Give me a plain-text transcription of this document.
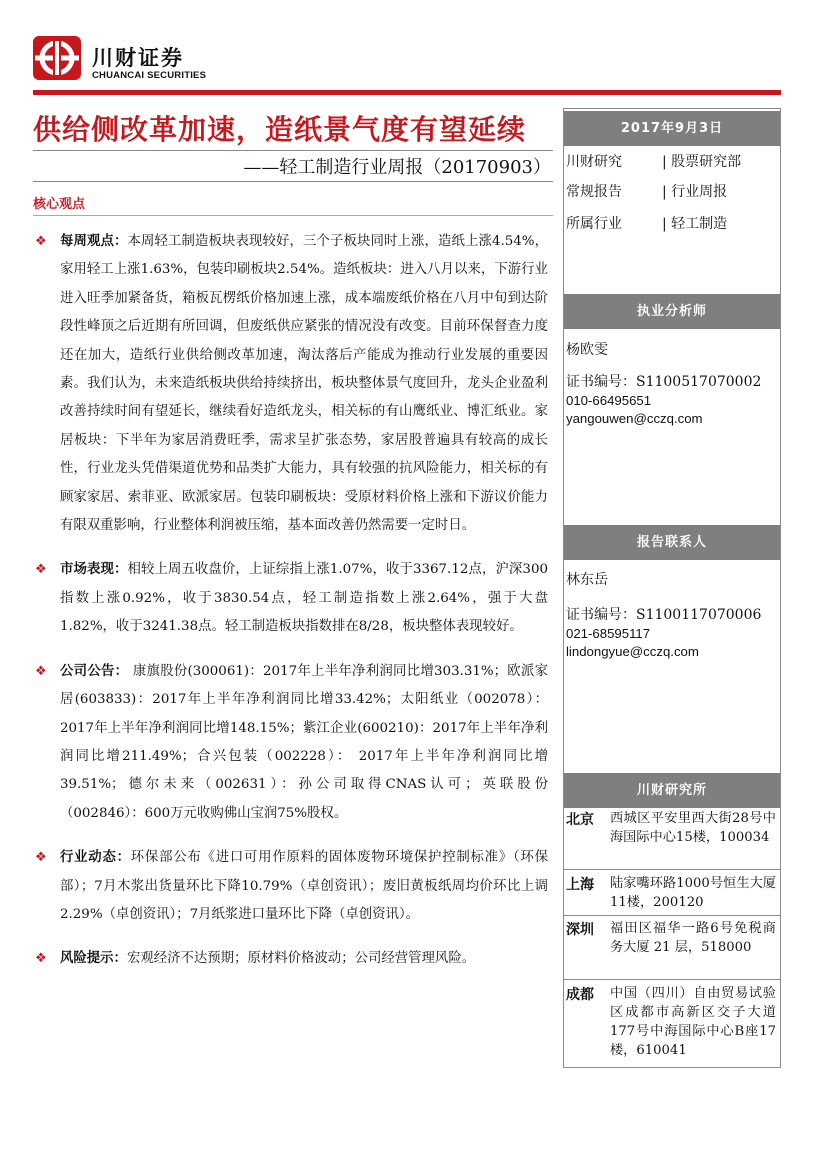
川财证券
CHUANCAI SECURITIES
供给侧改革加速，造纸景气度有望延续
——轻工制造行业周报（20170903）
核心观点
❖ 每周观点：本周轻工制造板块表现较好，三个子板块同时上涨，造纸上涨4.54%，家用轻工上涨1.63%，包装印刷板块2.54%。造纸板块：进入八月以来，下游行业进入旺季加紧备货，箱板瓦楞纸价格加速上涨，成本端废纸价格在八月中旬到达阶段性峰顶之后近期有所回调，但废纸供应紧张的情况没有改变。目前环保督查力度还在加大，造纸行业供给侧改革加速，淘汰落后产能成为推动行业发展的重要因素。我们认为，未来造纸板块供给持续挤出，板块整体景气度回升，龙头企业盈利改善持续时间有望延长，继续看好造纸龙头，相关标的有山鹰纸业、博汇纸业。家居板块：下半年为家居消费旺季，需求呈扩张态势，家居股普遍具有较高的成长性，行业龙头凭借渠道优势和品类扩大能力，具有较强的抗风险能力，相关标的有顾家家居、索菲亚、欧派家居。包装印刷板块：受原材料价格上涨和下游议价能力有限双重影响，行业整体利润被压缩，基本面改善仍然需要一定时日。
❖ 市场表现：相较上周五收盘价，上证综指上涨1.07%，收于3367.12点，沪深300指数上涨0.92%，收于3830.54点，轻工制造指数上涨2.64%，强于大盘1.82%，收于3241.38点。轻工制造板块指数排在8/28，板块整体表现较好。
❖ 公司公告： 康旗股份(300061)：2017年上半年净利润同比增303.31%；欧派家居(603833)：2017年上半年净利润同比增33.42%；太阳纸业（002078）：2017年上半年净利润同比增148.15%；紫江企业(600210)：2017年上半年净利润同比增211.49%；合兴包装（002228）： 2017年上半年净利润同比增39.51%；德尔未来（002631）：孙公司取得CNAS认可；英联股份（002846）：600万元收购佛山宝润75%股权。
❖ 行业动态：环保部公布《进口可用作原料的固体废物环境保护控制标准》（环保部）；7月木浆出货量环比下降10.79%（卓创资讯）；废旧黄板纸周均价环比上调2.29%（卓创资讯）；7月纸浆进口量环比下降（卓创资讯）。
❖ 风险提示：宏观经济不达预期；原材料价格波动；公司经营管理风险。
2017年9月3日
川财研究	| 股票研究部
常规报告	| 行业周报
所属行业	| 轻工制造
执业分析师
杨欧雯
证书编号：S1100517070002
010-66495651
yangouwen@cczq.com
报告联系人
林东岳
证书编号：S1100117070006
021-68595117
lindongyue@cczq.com
川财研究所
北京 西城区平安里西大街28号中海国际中心15楼，100034
上海 陆家嘴环路1000号恒生大厦11楼，200120
深圳 福田区福华一路6号免税商务大厦 21 层，518000
成都 中国（四川）自由贸易试验区成都市高新区交子大道177号中海国际中心B座17楼，610041
